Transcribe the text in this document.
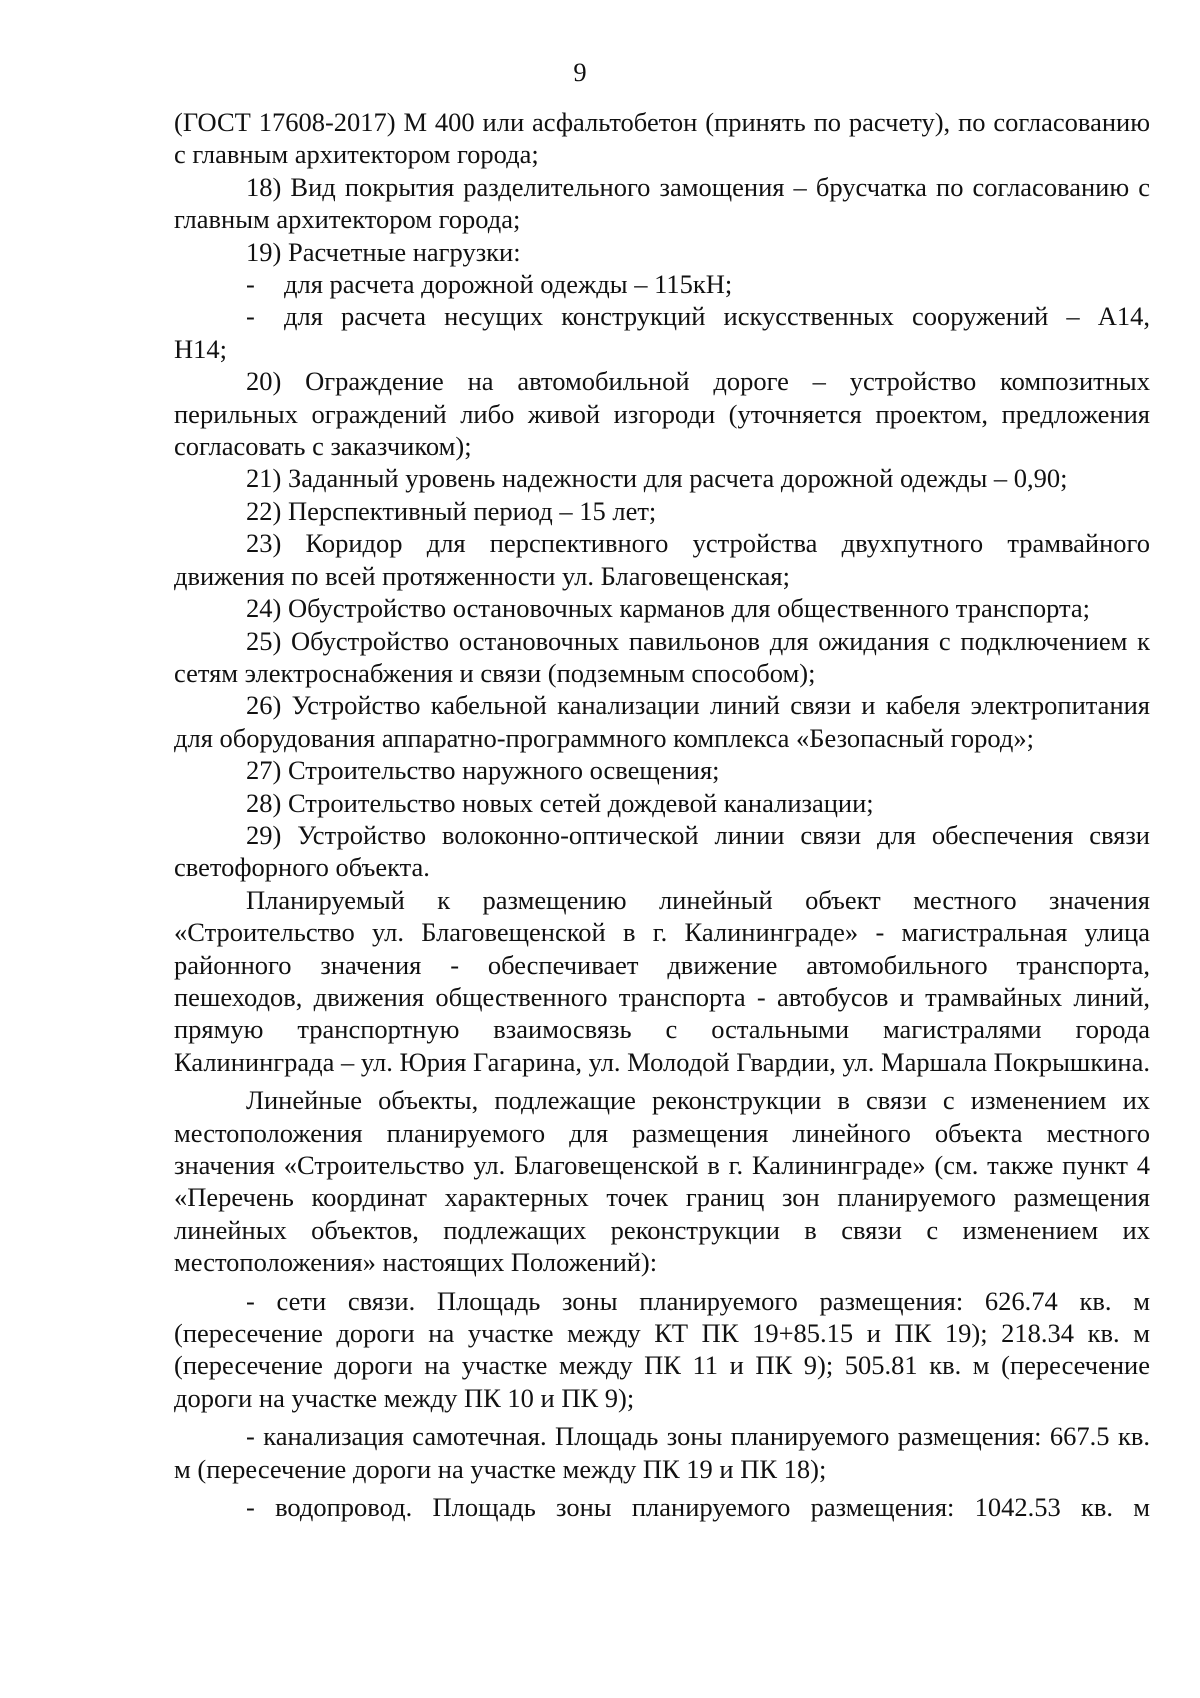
9

(ГОСТ 17608-2017) М 400 или асфальтобетон (принять по расчету), по согласованию с главным архитектором города;

18) Вид покрытия разделительного замощения – брусчатка по согласованию с главным архитектором города;

19) Расчетные нагрузки:

- для расчета дорожной одежды – 115кН;

- для расчета несущих конструкций искусственных сооружений – А14,

Н14;

20) Ограждение на автомобильной дороге – устройство композитных перильных ограждений либо живой изгороди (уточняется проектом, предложения согласовать с заказчиком);

21) Заданный уровень надежности для расчета дорожной одежды – 0,90;

22) Перспективный период – 15 лет;

23) Коридор для перспективного устройства двухпутного трамвайного движения по всей протяженности ул. Благовещенская;

24) Обустройство остановочных карманов для общественного транспорта;

25) Обустройство остановочных павильонов для ожидания с подключением к сетям электроснабжения и связи (подземным способом);

26) Устройство кабельной канализации линий связи и кабеля электропитания для оборудования аппаратно-программного комплекса «Безопасный город»;

27) Строительство наружного освещения;

28) Строительство новых сетей дождевой канализации;

29) Устройство волоконно-оптической линии связи для обеспечения связи светофорного объекта.

Планируемый к размещению линейный объект местного значения «Строительство ул. Благовещенской в г. Калининграде» - магистральная улица районного значения - обеспечивает движение автомобильного транспорта, пешеходов, движения общественного транспорта - автобусов и трамвайных линий, прямую транспортную взаимосвязь с остальными магистралями города Калининграда – ул. Юрия Гагарина, ул. Молодой Гвардии, ул. Маршала Покрышкина.

Линейные объекты, подлежащие реконструкции в связи с изменением их местоположения планируемого для размещения линейного объекта местного значения «Строительство ул. Благовещенской в г. Калининграде» (см. также пункт 4 «Перечень координат характерных точек границ зон планируемого размещения линейных объектов, подлежащих реконструкции в связи с изменением их местоположения» настоящих Положений):

- сети связи. Площадь зоны планируемого размещения: 626.74 кв. м (пересечение дороги на участке между КТ ПК 19+85.15 и ПК 19); 218.34 кв. м (пересечение дороги на участке между ПК 11 и ПК 9); 505.81 кв. м (пересечение дороги на участке между ПК 10 и ПК 9);

- канализация самотечная. Площадь зоны планируемого размещения: 667.5 кв. м (пересечение дороги на участке между ПК 19 и ПК 18);

- водопровод. Площадь зоны планируемого размещения: 1042.53 кв. м
